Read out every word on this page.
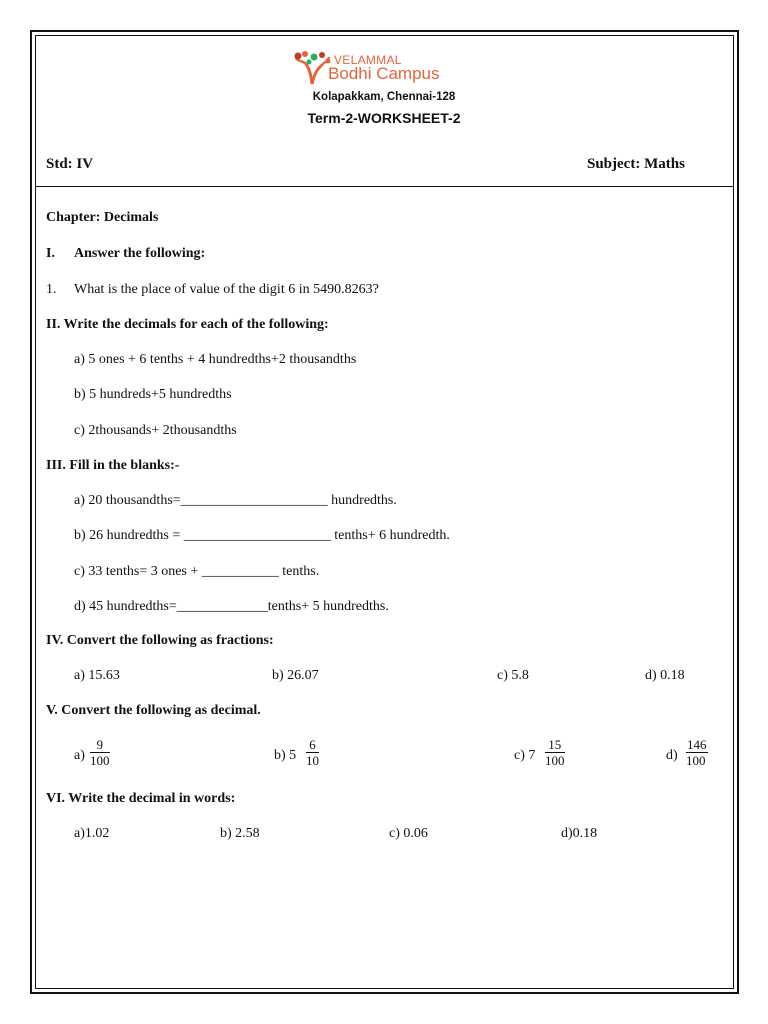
VELAMMAL
Bodhi Campus
Kolapakkam, Chennai-128
Term-2-WORKSHEET-2
Std: IV	Subject: Maths
Chapter: Decimals
I. Answer the following:
1. What is the place of value of the digit 6 in 5490.8263?
II. Write the decimals for each of the following:
a) 5 ones + 6 tenths + 4 hundredths+2 thousandths
b) 5 hundreds+5 hundredths
c) 2thousands+ 2thousandths
III. Fill in the blanks:-
a) 20 thousandths=_____________________ hundredths.
b) 26 hundredths = _____________________ tenths+ 6 hundredth.
c) 33 tenths= 3 ones + ___________ tenths.
d) 45 hundredths=_____________tenths+ 5 hundredths.
IV. Convert the following as fractions:
a) 15.63	b) 26.07	c) 5.8	d) 0.18
V. Convert the following as decimal.
$a) \frac{9}{100}$	b) $5 \frac{6}{10}$	c) $7 \frac{15}{100}$	$d) \frac{146}{100}$
VI. Write the decimal in words:
a)1.02	b) 2.58	c) 0.06	d)0.18
